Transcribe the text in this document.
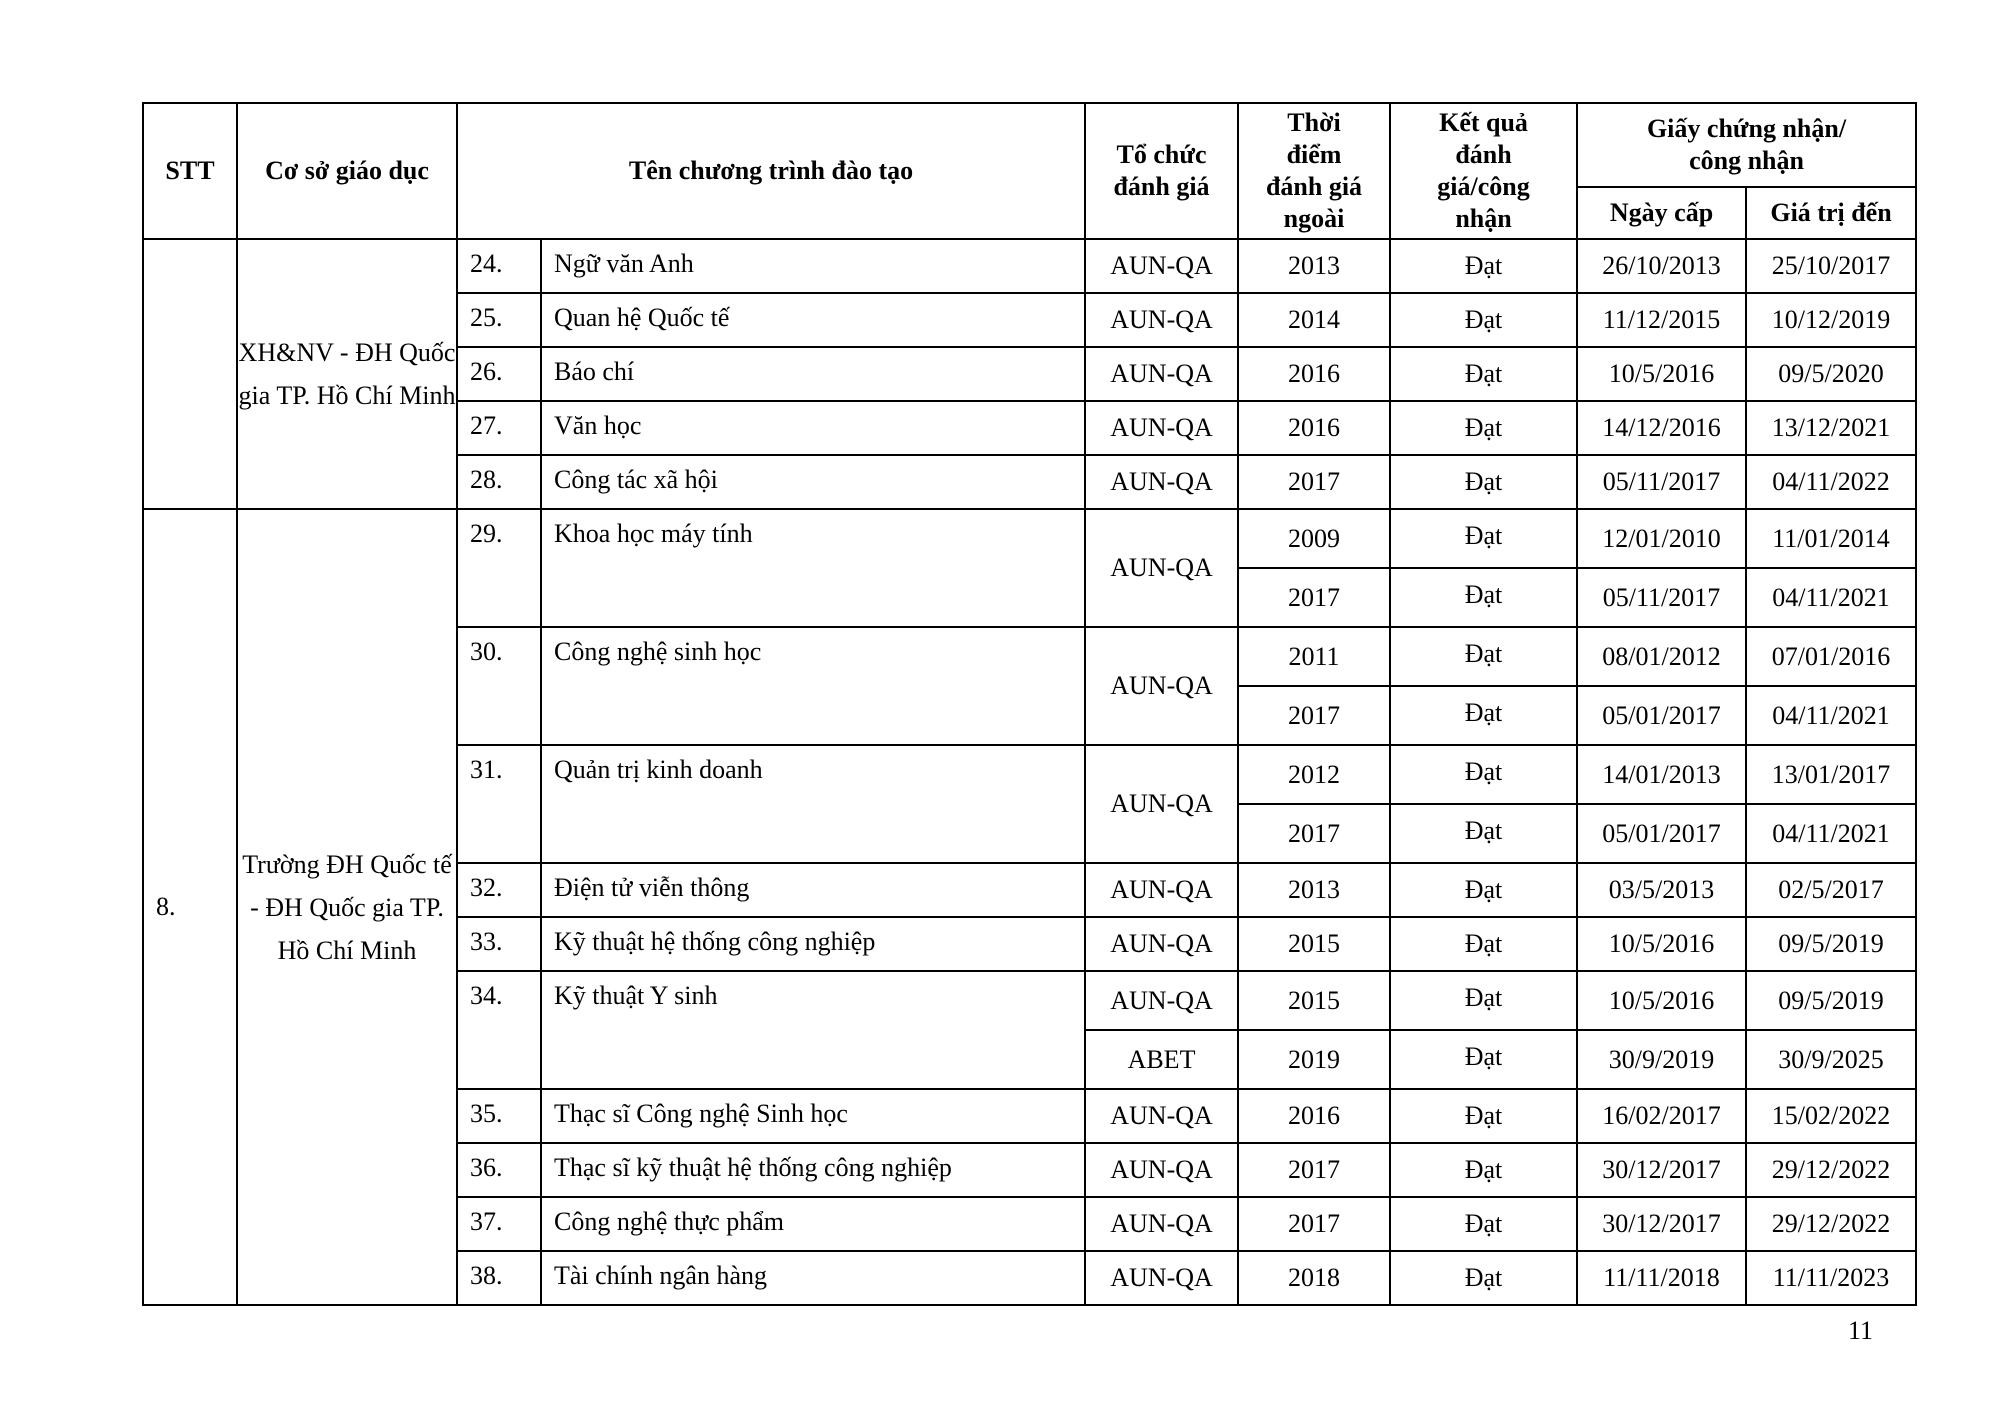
STT	Cơ sở giáo dục	Tên chương trình đào tạo		Tổ chức đánh giá	Thời điểm đánh giá ngoài	Kết quả đánh giá/công nhận	Giấy chứng nhận/ công nhận	
							Ngày cấp	Giá trị đến
	XH&NV - ĐH Quốc gia TP. Hồ Chí Minh	24.	Ngữ văn Anh	AUN-QA	2013	Đạt	26/10/2013	25/10/2017
		25.	Quan hệ Quốc tế	AUN-QA	2014	Đạt	11/12/2015	10/12/2019
		26.	Báo chí	AUN-QA	2016	Đạt	10/5/2016	09/5/2020
		27.	Văn học	AUN-QA	2016	Đạt	14/12/2016	13/12/2021
		28.	Công tác xã hội	AUN-QA	2017	Đạt	05/11/2017	04/11/2022
8.	Trường ĐH Quốc tế - ĐH Quốc gia TP. Hồ Chí Minh	29.	Khoa học máy tính	AUN-QA	2009	Đạt	12/01/2010	11/01/2014
					2017	Đạt	05/11/2017	04/11/2021
		30.	Công nghệ sinh học	AUN-QA	2011	Đạt	08/01/2012	07/01/2016
					2017	Đạt	05/01/2017	04/11/2021
		31.	Quản trị kinh doanh	AUN-QA	2012	Đạt	14/01/2013	13/01/2017
					2017	Đạt	05/01/2017	04/11/2021
		32.	Điện tử viễn thông	AUN-QA	2013	Đạt	03/5/2013	02/5/2017
		33.	Kỹ thuật hệ thống công nghiệp	AUN-QA	2015	Đạt	10/5/2016	09/5/2019
		34.	Kỹ thuật Y sinh	AUN-QA	2015	Đạt	10/5/2016	09/5/2019
				ABET	2019	Đạt	30/9/2019	30/9/2025
		35.	Thạc sĩ Công nghệ Sinh học	AUN-QA	2016	Đạt	16/02/2017	15/02/2022
		36.	Thạc sĩ kỹ thuật hệ thống công nghiệp	AUN-QA	2017	Đạt	30/12/2017	29/12/2022
		37.	Công nghệ thực phẩm	AUN-QA	2017	Đạt	30/12/2017	29/12/2022
		38.	Tài chính ngân hàng	AUN-QA	2018	Đạt	11/11/2018	11/11/2023
11
